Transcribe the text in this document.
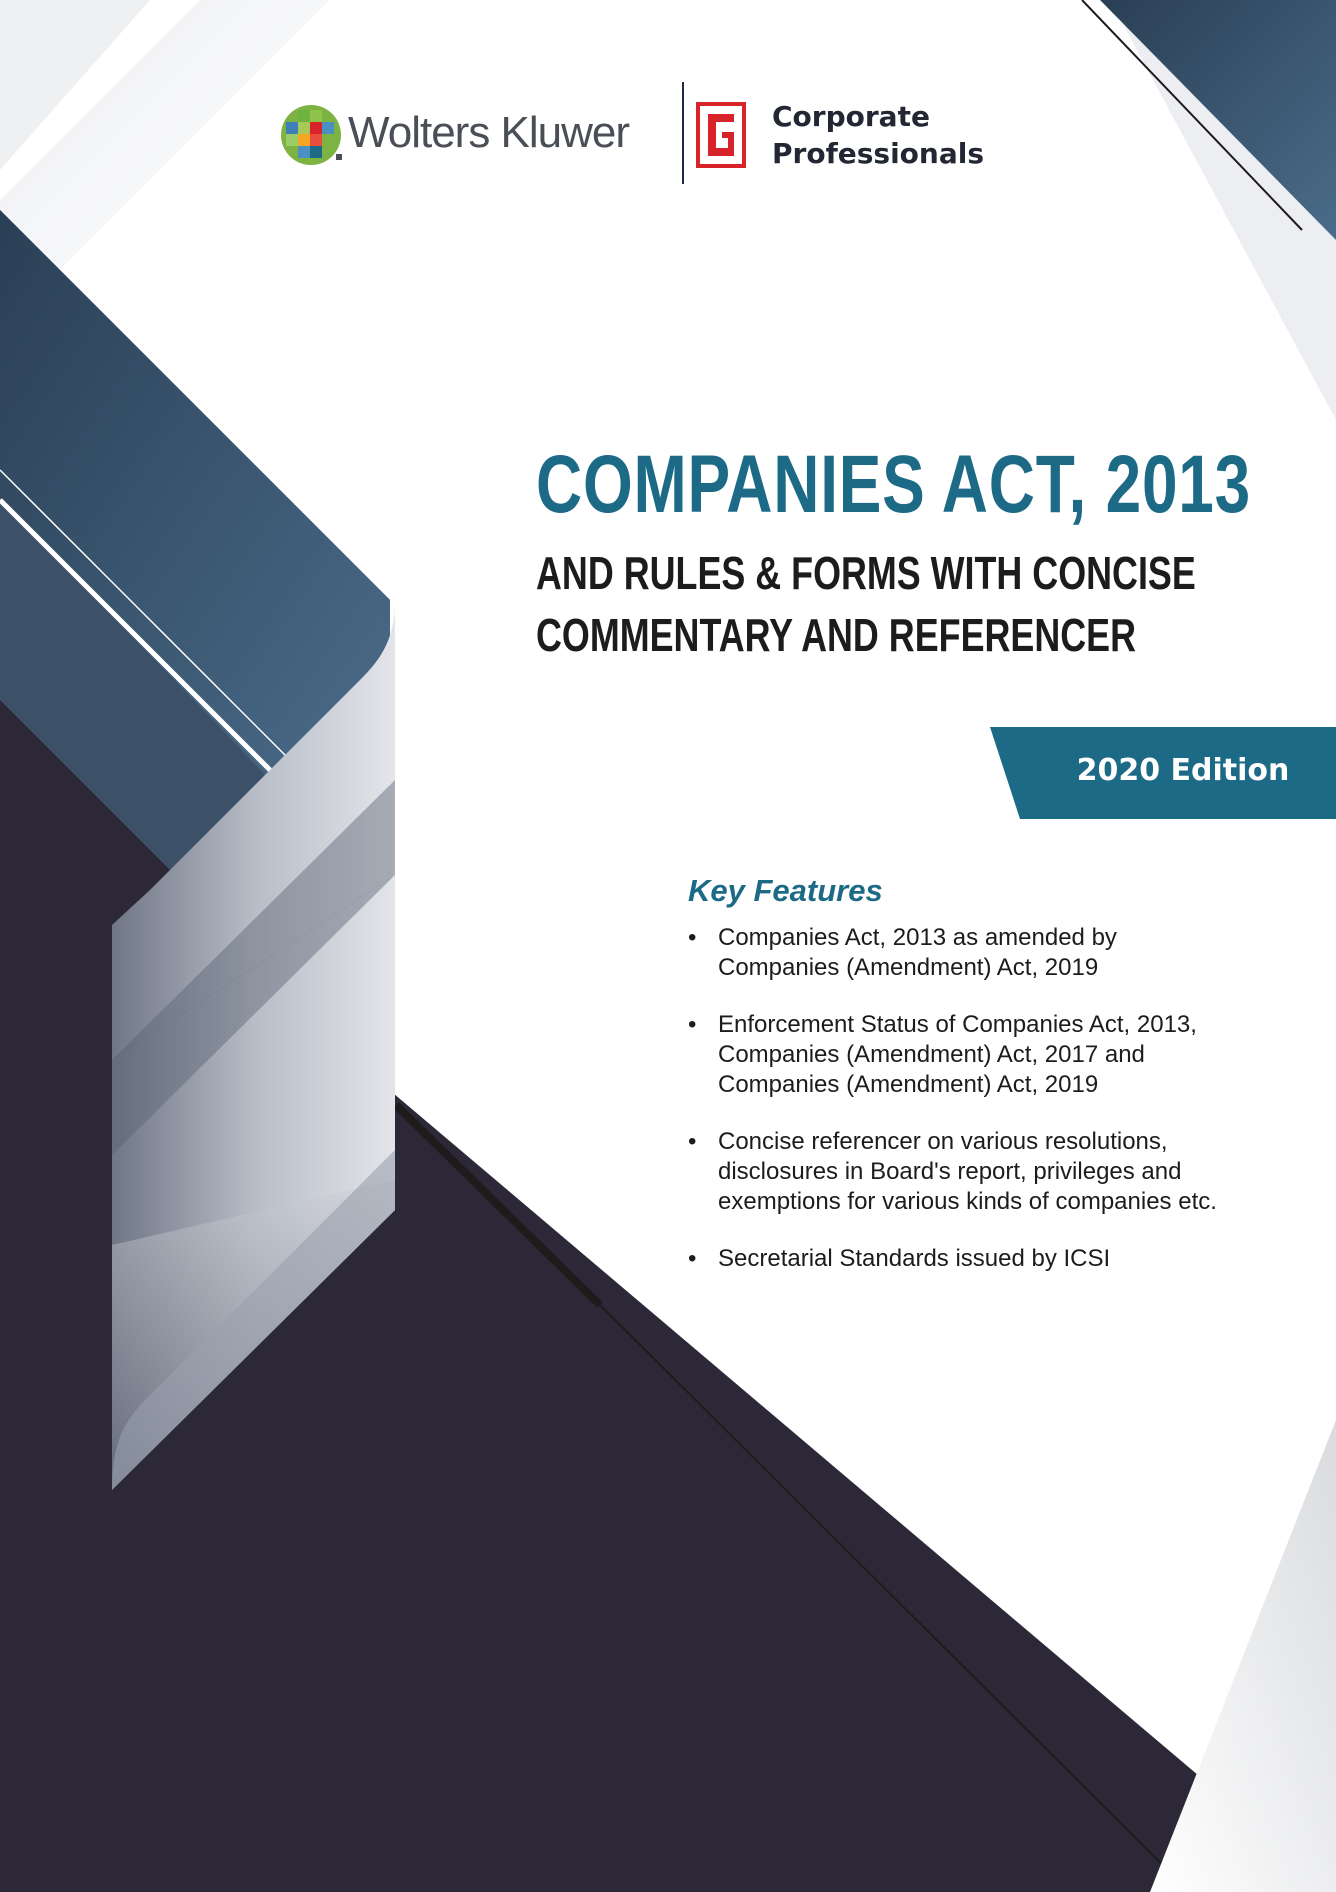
Wolters Kluwer	Corporate
Professionals
COMPANIES ACT, 2013
AND RULES & FORMS WITH CONCISE
COMMENTARY AND REFERENCER
2020 Edition
Key Features
• Companies Act, 2013 as amended by
Companies (Amendment) Act, 2019
• Enforcement Status of Companies Act, 2013,
Companies (Amendment) Act, 2017 and
Companies (Amendment) Act, 2019
• Concise referencer on various resolutions,
disclosures in Board's report, privileges and
exemptions for various kinds of companies etc.
• Secretarial Standards issued by ICSI
